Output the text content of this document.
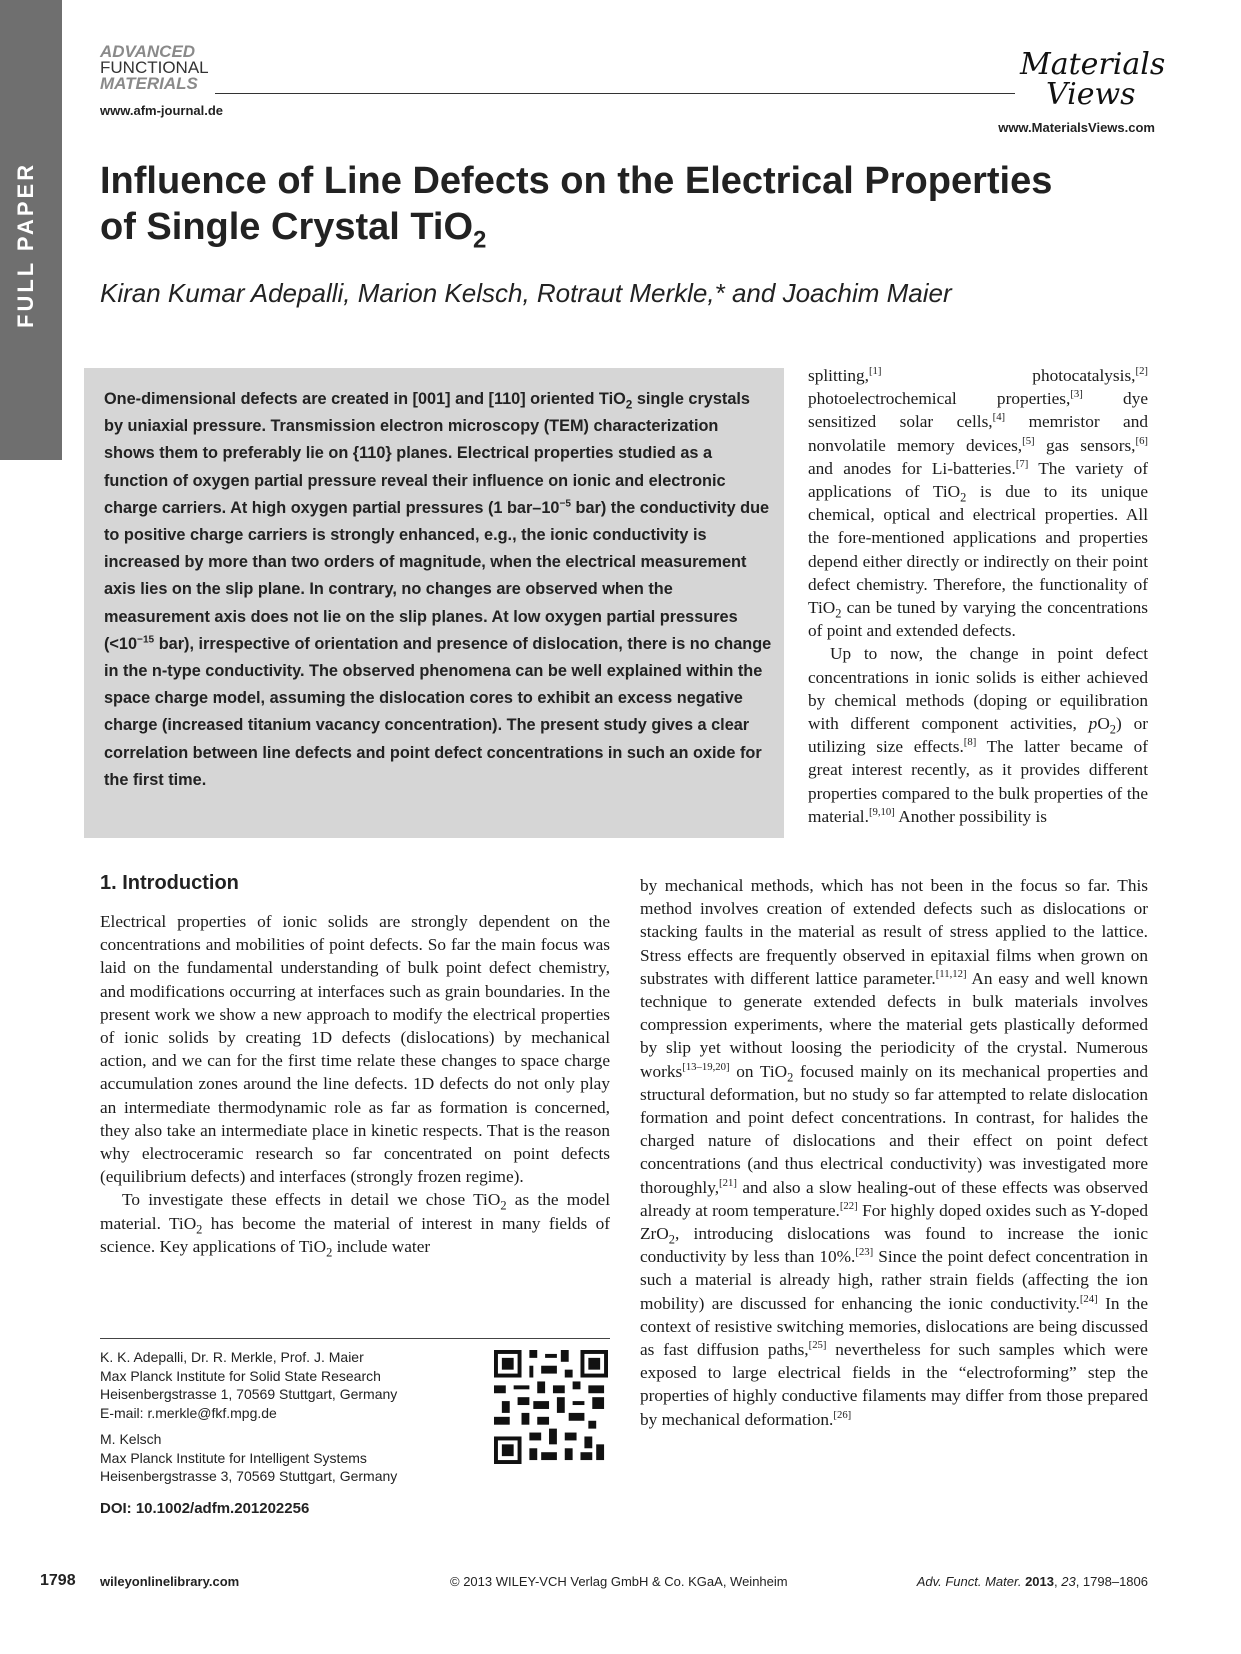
FULL PAPER
ADVANCED
FUNCTIONAL
MATERIALS
www.afm-journal.de
Materials
Views
www.MaterialsViews.com
Influence of Line Defects on the Electrical Properties
of Single Crystal TiO$_2$
Kiran Kumar Adepalli, Marion Kelsch, Rotraut Merkle,* and Joachim Maier
One-dimensional defects are created in [001] and [110] oriented TiO$_2$ single crystals by uniaxial pressure. Transmission electron microscopy (TEM) characterization shows them to preferably lie on {110} planes. Electrical properties studied as a function of oxygen partial pressure reveal their influence on ionic and electronic charge carriers. At high oxygen partial pressures (1 bar–$10^{-5}$ bar) the conductivity due to positive charge carriers is strongly enhanced, e.g., the ionic conductivity is increased by more than two orders of magnitude, when the electrical measurement axis lies on the slip plane. In contrary, no changes are observed when the measurement axis does not lie on the slip planes. At low oxygen partial pressures ($<10^{-15}$ bar), irrespective of orientation and presence of dislocation, there is no change in the n-type conductivity. The observed phenomena can be well explained within the space charge model, assuming the dislocation cores to exhibit an excess negative charge (increased titanium vacancy concentration). The present study gives a clear correlation between line defects and point defect concentrations in such an oxide for the first time.

splitting,[1] photocatalysis,[2] photoelectrochemical properties,[3] dye sensitized solar cells,[4] memristor and nonvolatile memory devices,[5] gas sensors,[6] and anodes for Li-batteries.[7] The variety of applications of TiO$_2$ is due to its unique chemical, optical and electrical properties. All the fore-mentioned applications and properties depend either directly or indirectly on their point defect chemistry. Therefore, the functionality of TiO$_2$ can be tuned by varying the concentrations of point and extended defects.

Up to now, the change in point defect concentrations in ionic solids is either achieved by chemical methods (doping or equilibration with different component activities, $pO_2$) or utilizing size effects.[8] The latter became of great interest recently, as it provides different properties compared to the bulk properties of the material.[9,10] Another possibility is

by mechanical methods, which has not been in the focus so far. This method involves creation of extended defects such as dislocations or stacking faults in the material as result of stress applied to the lattice. Stress effects are frequently observed in epitaxial films when grown on substrates with different lattice parameter.[11,12] An easy and well known technique to generate extended defects in bulk materials involves compression experiments, where the material gets plastically deformed by slip yet without loosing the periodicity of the crystal. Numerous works[13–19,20] on TiO$_2$ focused mainly on its mechanical properties and structural deformation, but no study so far attempted to relate dislocation formation and point defect concentrations. In contrast, for halides the charged nature of dislocations and their effect on point defect concentrations (and thus electrical conductivity) was investigated more thoroughly,[21] and also a slow healing-out of these effects was observed already at room temperature.[22] For highly doped oxides such as Y-doped ZrO$_2$, introducing dislocations was found to increase the ionic conductivity by less than 10%.[23] Since the point defect concentration in such a material is already high, rather strain fields (affecting the ion mobility) are discussed for enhancing the ionic conductivity.[24] In the context of resistive switching memories, dislocations are being discussed as fast diffusion paths,[25] nevertheless for such samples which were exposed to large electrical fields in the “electroforming” step the properties of highly conductive filaments may differ from those prepared by mechanical deformation.[26]

1. Introduction

Electrical properties of ionic solids are strongly dependent on the concentrations and mobilities of point defects. So far the main focus was laid on the fundamental understanding of bulk point defect chemistry, and modifications occurring at interfaces such as grain boundaries. In the present work we show a new approach to modify the electrical properties of ionic solids by creating 1D defects (dislocations) by mechanical action, and we can for the first time relate these changes to space charge accumulation zones around the line defects. 1D defects do not only play an intermediate thermodynamic role as far as formation is concerned, they also take an intermediate place in kinetic respects. That is the reason why electroceramic research so far concentrated on point defects (equilibrium defects) and interfaces (strongly frozen regime).

To investigate these effects in detail we chose TiO$_2$ as the model material. TiO$_2$ has become the material of interest in many fields of science. Key applications of TiO$_2$ include water

K. K. Adepalli, Dr. R. Merkle, Prof. J. Maier
Max Planck Institute for Solid State Research
Heisenbergstrasse 1, 70569 Stuttgart, Germany
E-mail: r.merkle@fkf.mpg.de
M. Kelsch
Max Planck Institute for Intelligent Systems
Heisenbergstrasse 3, 70569 Stuttgart, Germany
DOI: 10.1002/adfm.201202256
1798 wileyonlinelibrary.com	© 2013 WILEY-VCH Verlag GmbH & Co. KGaA, Weinheim	Adv. Funct. Mater. 2013, 23, 1798–1806
